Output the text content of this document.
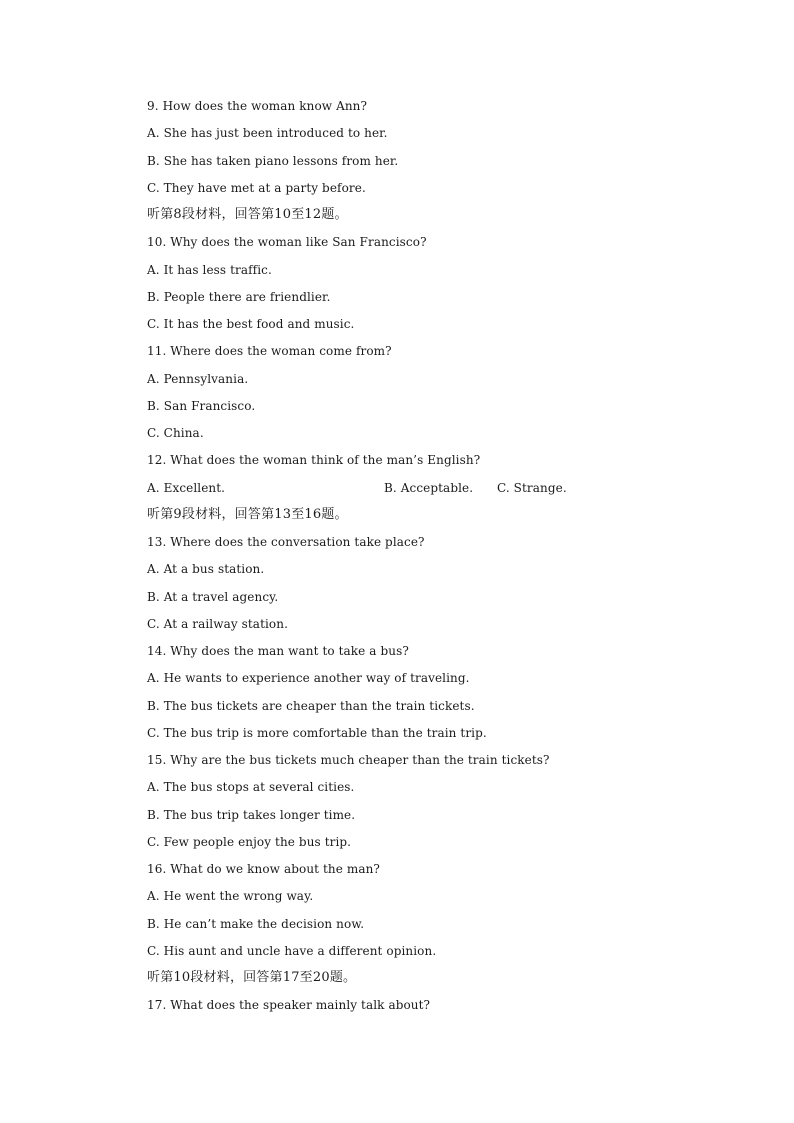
9. How does the woman know Ann?
A. She has just been introduced to her.
B. She has taken piano lessons from her.
C. They have met at a party before.
听第8段材料，回答第10至12题。
10. Why does the woman like San Francisco?
A. It has less traffic.
B. People there are friendlier.
C. It has the best food and music.
11. Where does the woman come from?
A. Pennsylvania.
B. San Francisco.
C. China.
12. What does the woman think of the man’s English?
A. Excellent.	B. Acceptable.	C. Strange.
听第9段材料，回答第13至16题。
13. Where does the conversation take place?
A. At a bus station.
B. At a travel agency.
C. At a railway station.
14. Why does the man want to take a bus?
A. He wants to experience another way of traveling.
B. The bus tickets are cheaper than the train tickets.
C. The bus trip is more comfortable than the train trip.
15. Why are the bus tickets much cheaper than the train tickets?
A. The bus stops at several cities.
B. The bus trip takes longer time.
C. Few people enjoy the bus trip.
16. What do we know about the man?
A. He went the wrong way.
B. He can’t make the decision now.
C. His aunt and uncle have a different opinion.
听第10段材料，回答第17至20题。
17. What does the speaker mainly talk about?
